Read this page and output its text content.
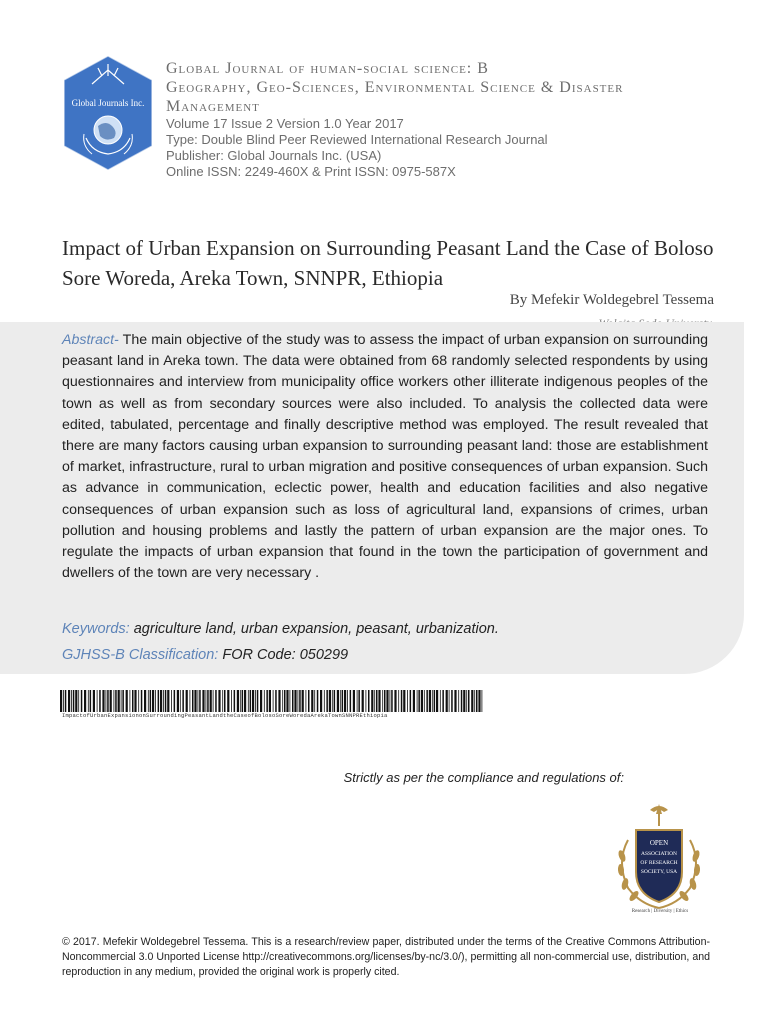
Global Journals Inc.

Global Journal of human-social science: B

Geography, Geo-Sciences, Environmental Science & Disaster

Management

Volume 17 Issue 2 Version 1.0 Year 2017
Type: Double Blind Peer Reviewed International Research Journal
Publisher: Global Journals Inc. (USA)
Online ISSN: 2249-460X & Print ISSN: 0975-587X
Impact of Urban Expansion on Surrounding Peasant Land the Case of Boloso Sore Woreda, Areka Town, SNNPR, Ethiopia
By Mefekir Woldegebrel Tessema

Abstract- The main objective of the study was to assess the impact of urban expansion on surrounding peasant land in Areka town. The data were obtained from 68 randomly selected respondents by using questionnaires and interview from municipality office workers other illiterate indigenous peoples of the town as well as from secondary sources were also included. To analysis the collected data were edited, tabulated, percentage and finally descriptive method was employed. The result revealed that there are many factors causing urban expansion to surrounding peasant land: those are establishment of market, infrastructure, rural to urban migration and positive consequences of urban expansion. Such as advance in communication, eclectic power, health and education facilities and also negative consequences of urban expansion such as loss of agricultural land, expansions of crimes, urban pollution and housing problems and lastly the pattern of urban expansion are the major ones. To regulate the impacts of urban expansion that found in the town the participation of government and dwellers of the town are very necessary .

Keywords: agriculture land, urban expansion, peasant, urbanization.
GJHSS-B Classification: FOR Code: 050299
ImpactofUrbanExpansiononSurroundingPeasantLandtheCaseofBolosoSoreWoredaArekaTownSNNPREthiopia
Strictly as per the compliance and regulations of:
OPEN
ASSOCIATION
OF RESEARCH
SOCIETY, USA
Research | Diversity | Ethics

© 2017. Mefekir Woldegebrel Tessema. This is a research/review paper, distributed under the terms of the Creative Commons Attribution-Noncommercial 3.0 Unported License http://creativecommons.org/licenses/by-nc/3.0/), permitting all non-commercial use, distribution, and reproduction in any medium, provided the original work is properly cited.
